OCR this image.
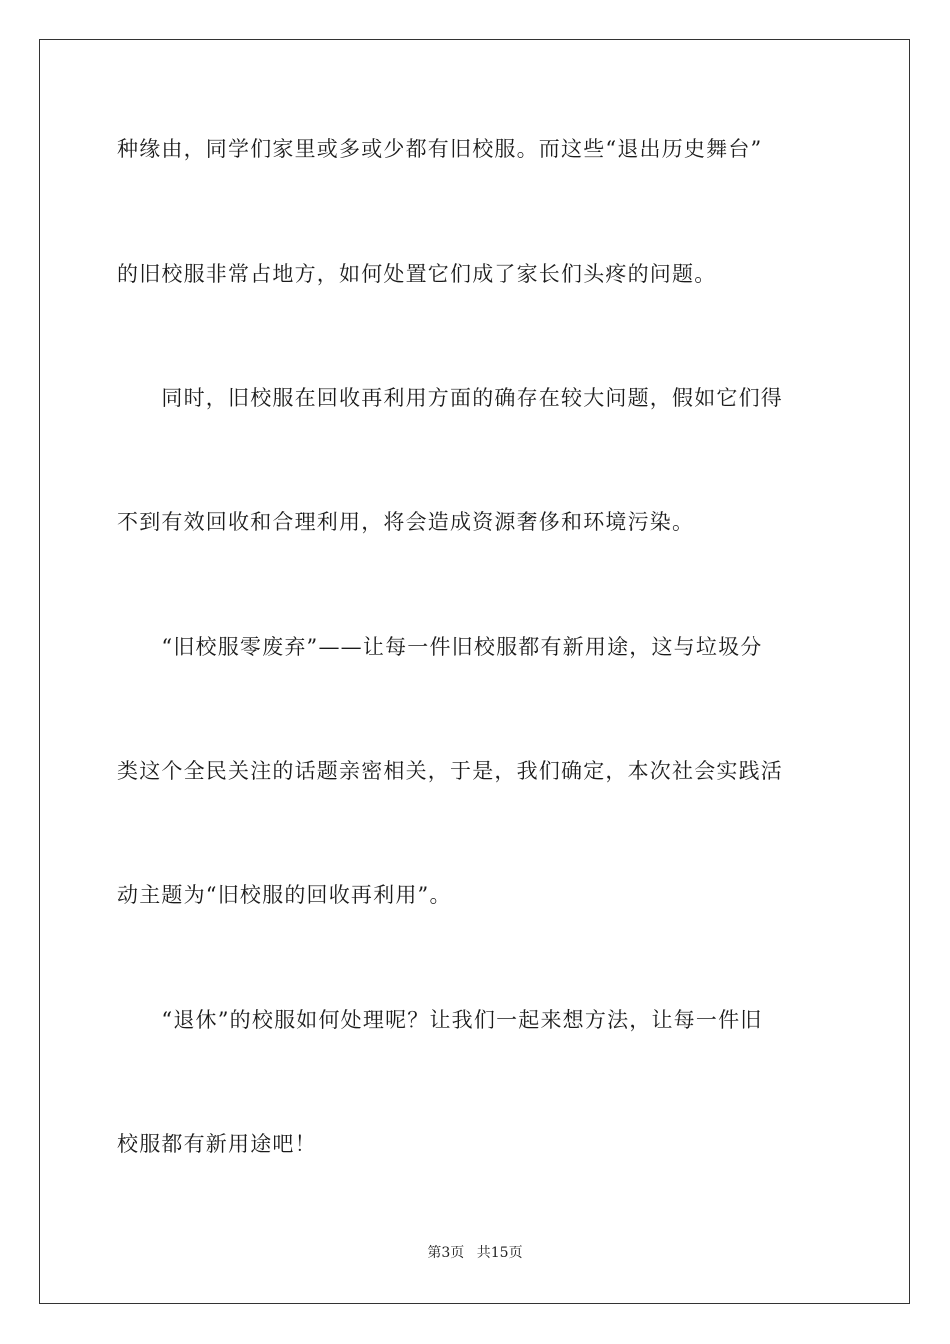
种缘由，同学们家里或多或少都有旧校服。而这些“退出历史舞台”
的旧校服非常占地方，如何处置它们成了家长们头疼的问题。
　　同时，旧校服在回收再利用方面的确存在较大问题，假如它们得
不到有效回收和合理利用，将会造成资源奢侈和环境污染。
　　“旧校服零废弃”——让每一件旧校服都有新用途，这与垃圾分
类这个全民关注的话题亲密相关，于是，我们确定，本次社会实践活
动主题为“旧校服的回收再利用”。
　　“退休”的校服如何处理呢？让我们一起来想方法，让每一件旧
校服都有新用途吧！
第3页 共15页
